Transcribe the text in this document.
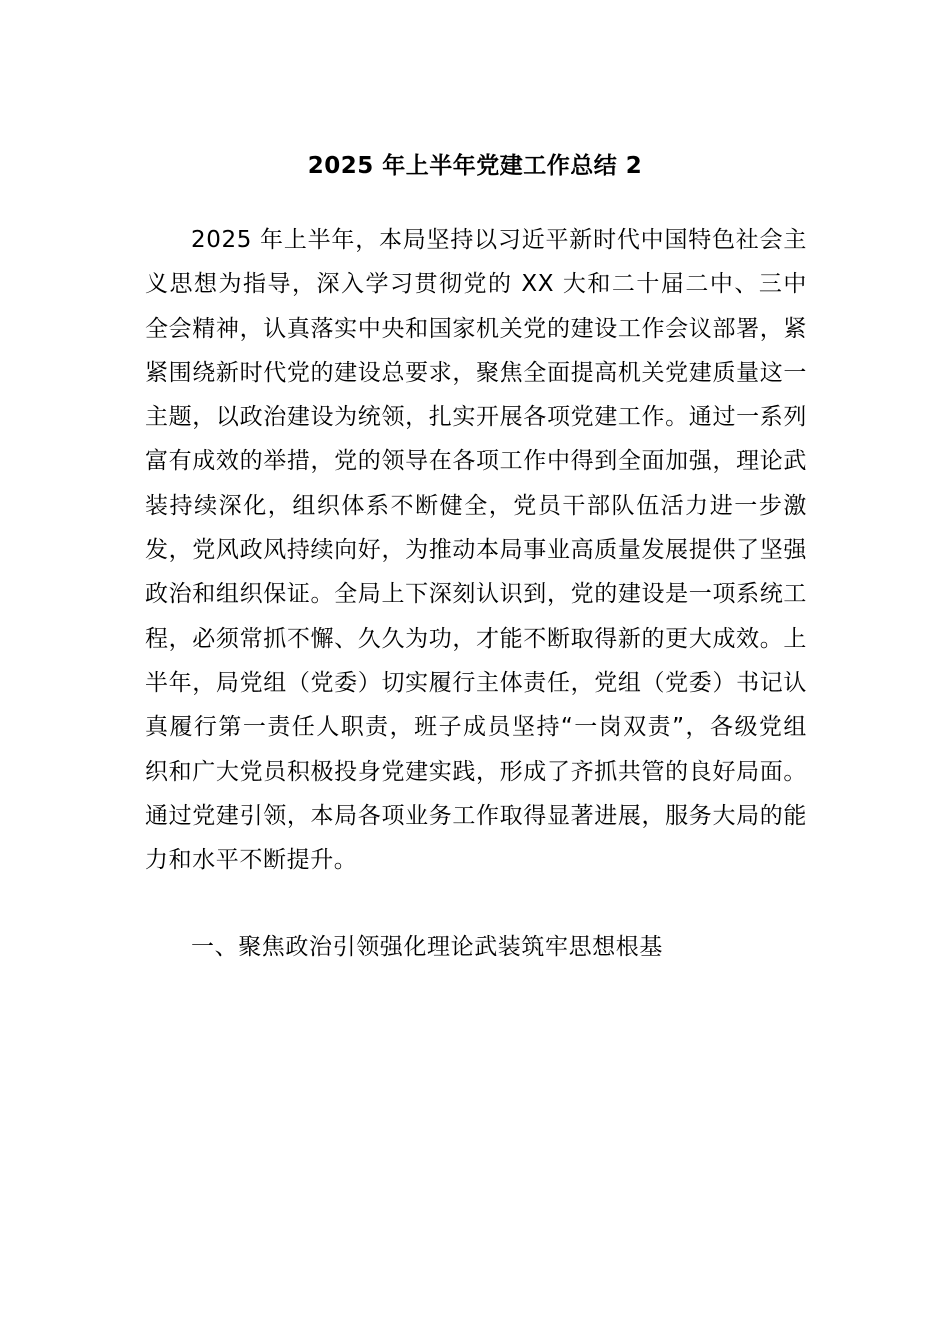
2025 年上半年党建工作总结 2

2025 年上半年，本局坚持以习近平新时代中国特色社会主义思想为指导，深入学习贯彻党的 XX 大和二十届二中、三中全会精神，认真落实中央和国家机关党的建设工作会议部署，紧紧围绕新时代党的建设总要求，聚焦全面提高机关党建质量这一主题，以政治建设为统领，扎实开展各项党建工作。通过一系列富有成效的举措，党的领导在各项工作中得到全面加强，理论武装持续深化，组织体系不断健全，党员干部队伍活力进一步激发，党风政风持续向好，为推动本局事业高质量发展提供了坚强政治和组织保证。全局上下深刻认识到，党的建设是一项系统工程，必须常抓不懈、久久为功，才能不断取得新的更大成效。上半年，局党组（党委）切实履行主体责任，党组（党委）书记认真履行第一责任人职责，班子成员坚持“一岗双责”，各级党组织和广大党员积极投身党建实践，形成了齐抓共管的良好局面。通过党建引领，本局各项业务工作取得显著进展，服务大局的能力和水平不断提升。

一、聚焦政治引领强化理论武装筑牢思想根基
